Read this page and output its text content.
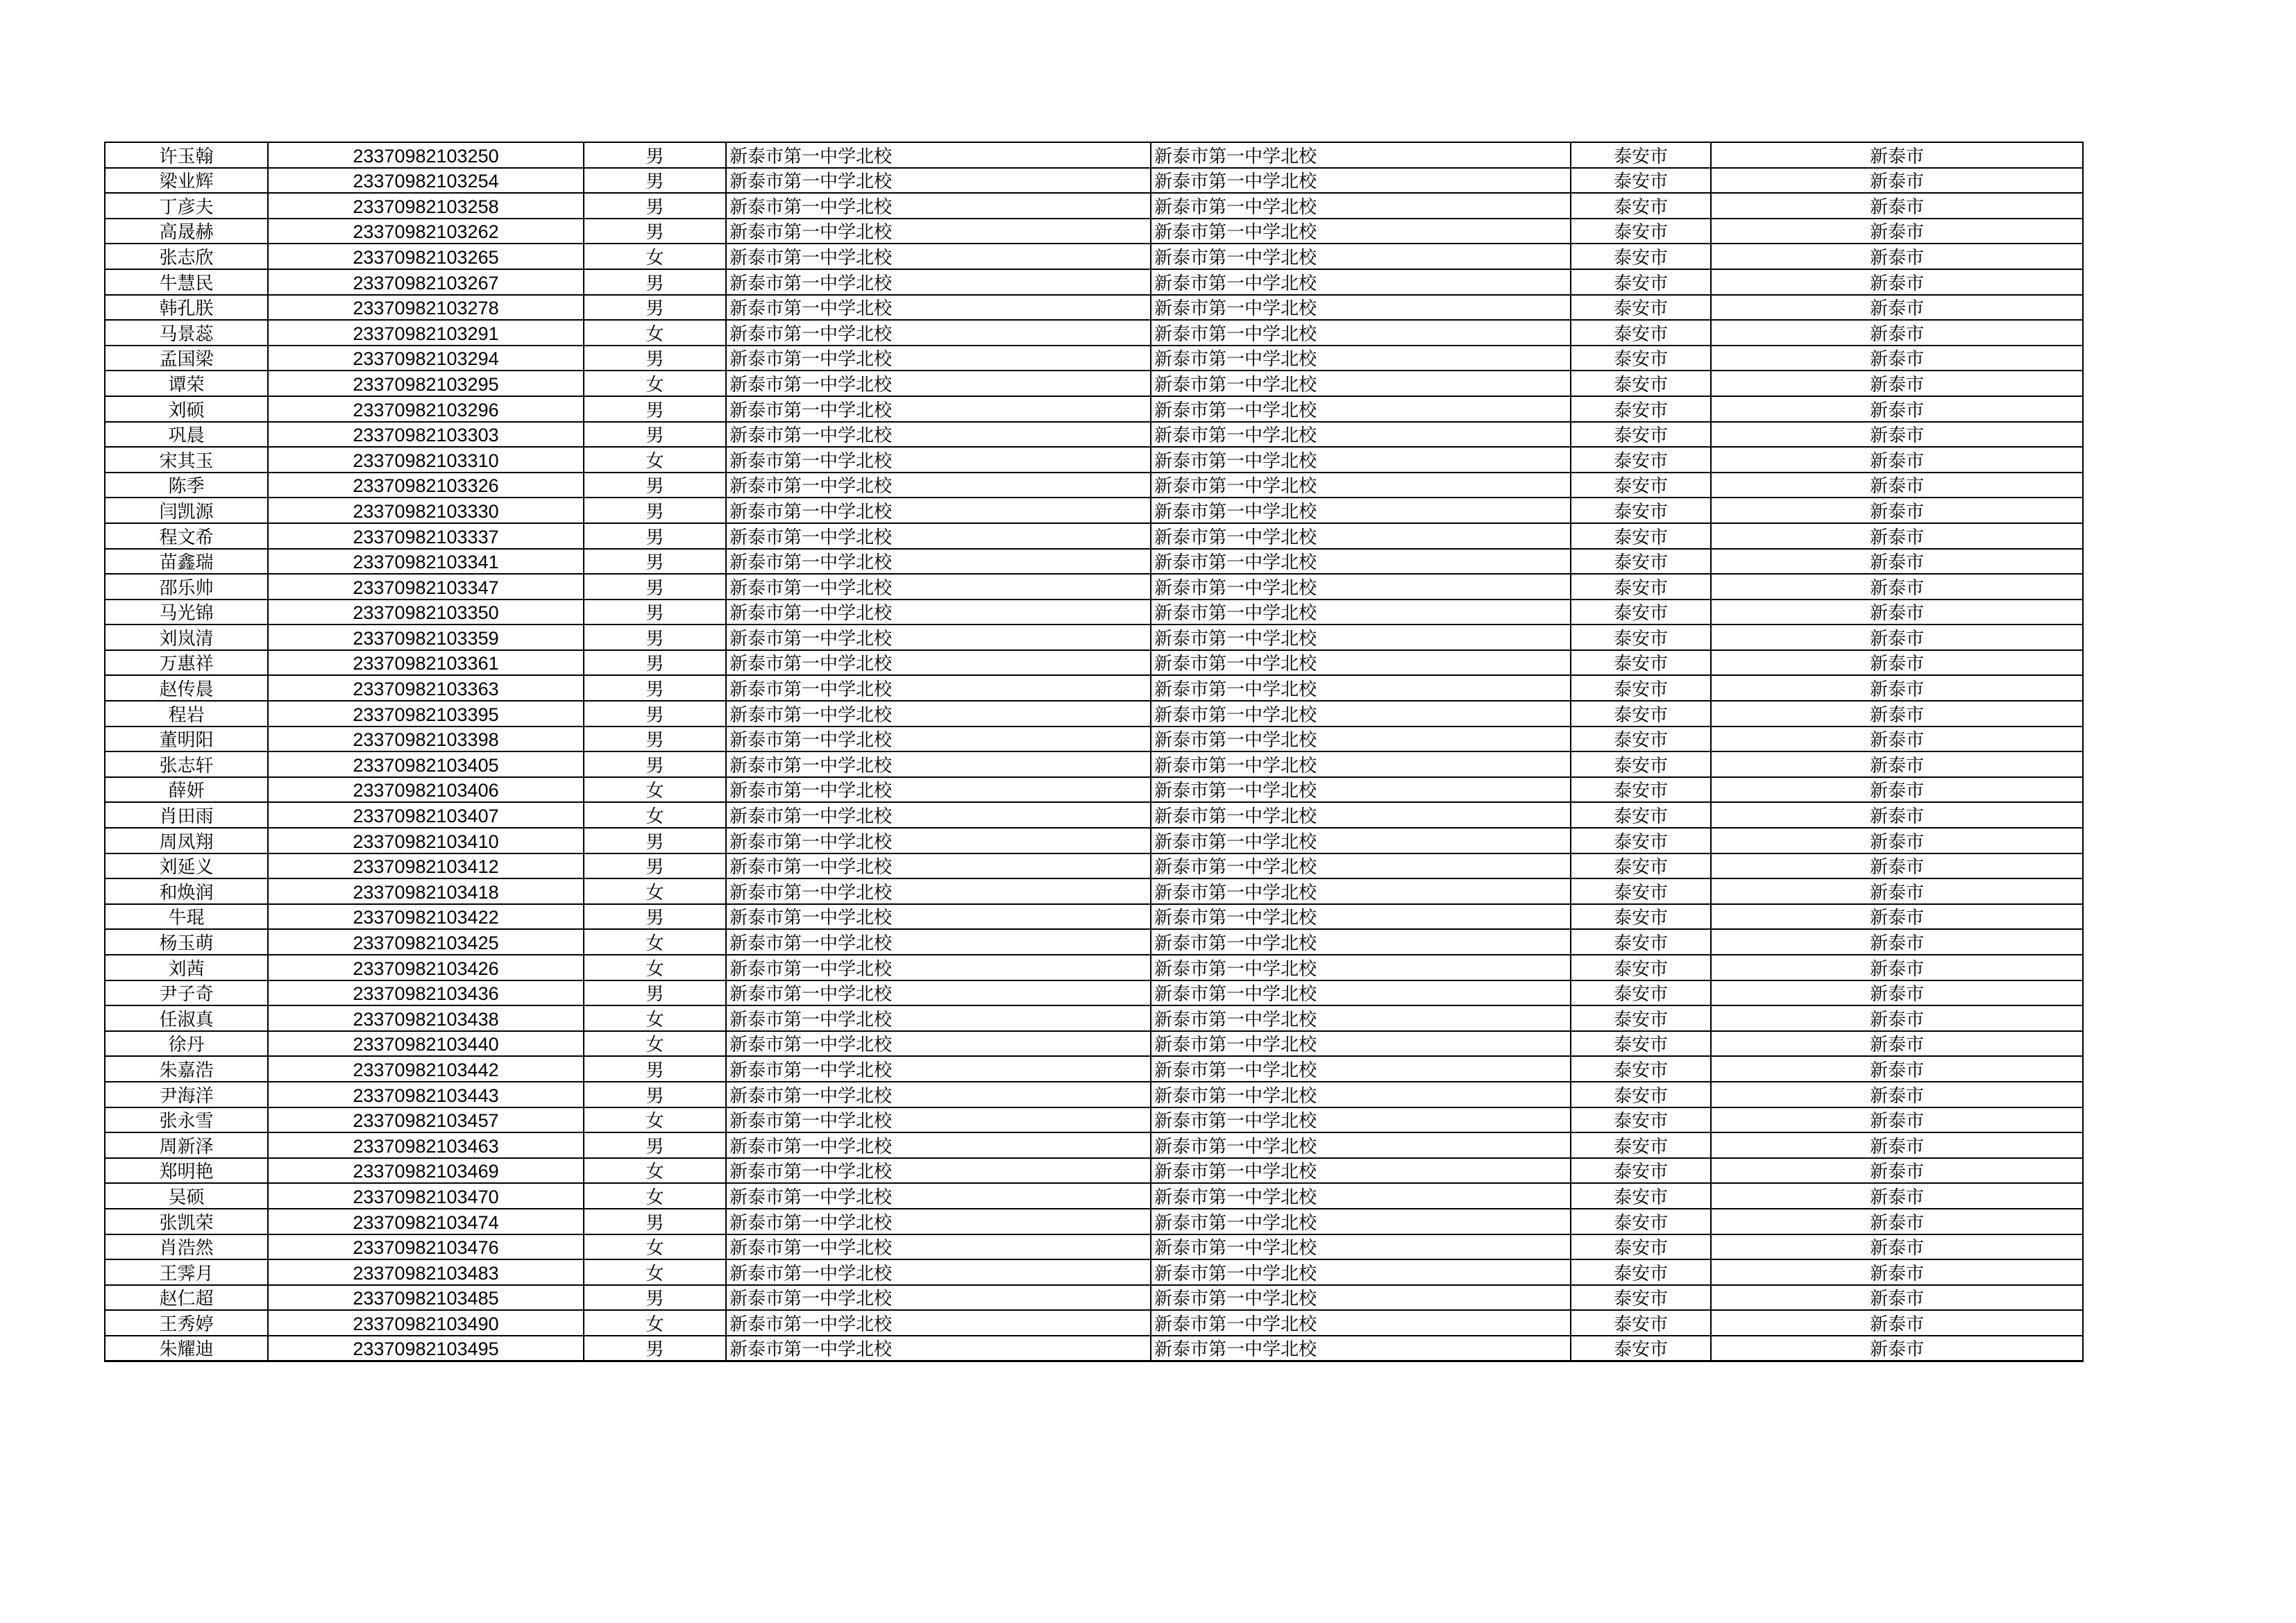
许玉翰	23370982103250	男	新泰市第一中学北校	新泰市第一中学北校	泰安市	新泰市
梁业辉	23370982103254	男	新泰市第一中学北校	新泰市第一中学北校	泰安市	新泰市
丁彦夫	23370982103258	男	新泰市第一中学北校	新泰市第一中学北校	泰安市	新泰市
高晟赫	23370982103262	男	新泰市第一中学北校	新泰市第一中学北校	泰安市	新泰市
张志欣	23370982103265	女	新泰市第一中学北校	新泰市第一中学北校	泰安市	新泰市
牛慧民	23370982103267	男	新泰市第一中学北校	新泰市第一中学北校	泰安市	新泰市
韩孔朕	23370982103278	男	新泰市第一中学北校	新泰市第一中学北校	泰安市	新泰市
马景蕊	23370982103291	女	新泰市第一中学北校	新泰市第一中学北校	泰安市	新泰市
孟国梁	23370982103294	男	新泰市第一中学北校	新泰市第一中学北校	泰安市	新泰市
谭荣	23370982103295	女	新泰市第一中学北校	新泰市第一中学北校	泰安市	新泰市
刘硕	23370982103296	男	新泰市第一中学北校	新泰市第一中学北校	泰安市	新泰市
巩晨	23370982103303	男	新泰市第一中学北校	新泰市第一中学北校	泰安市	新泰市
宋其玉	23370982103310	女	新泰市第一中学北校	新泰市第一中学北校	泰安市	新泰市
陈季	23370982103326	男	新泰市第一中学北校	新泰市第一中学北校	泰安市	新泰市
闫凯源	23370982103330	男	新泰市第一中学北校	新泰市第一中学北校	泰安市	新泰市
程文希	23370982103337	男	新泰市第一中学北校	新泰市第一中学北校	泰安市	新泰市
苗鑫瑞	23370982103341	男	新泰市第一中学北校	新泰市第一中学北校	泰安市	新泰市
邵乐帅	23370982103347	男	新泰市第一中学北校	新泰市第一中学北校	泰安市	新泰市
马光锦	23370982103350	男	新泰市第一中学北校	新泰市第一中学北校	泰安市	新泰市
刘岚清	23370982103359	男	新泰市第一中学北校	新泰市第一中学北校	泰安市	新泰市
万惠祥	23370982103361	男	新泰市第一中学北校	新泰市第一中学北校	泰安市	新泰市
赵传晨	23370982103363	男	新泰市第一中学北校	新泰市第一中学北校	泰安市	新泰市
程岩	23370982103395	男	新泰市第一中学北校	新泰市第一中学北校	泰安市	新泰市
董明阳	23370982103398	男	新泰市第一中学北校	新泰市第一中学北校	泰安市	新泰市
张志轩	23370982103405	男	新泰市第一中学北校	新泰市第一中学北校	泰安市	新泰市
薛妍	23370982103406	女	新泰市第一中学北校	新泰市第一中学北校	泰安市	新泰市
肖田雨	23370982103407	女	新泰市第一中学北校	新泰市第一中学北校	泰安市	新泰市
周凤翔	23370982103410	男	新泰市第一中学北校	新泰市第一中学北校	泰安市	新泰市
刘延义	23370982103412	男	新泰市第一中学北校	新泰市第一中学北校	泰安市	新泰市
和焕润	23370982103418	女	新泰市第一中学北校	新泰市第一中学北校	泰安市	新泰市
牛琨	23370982103422	男	新泰市第一中学北校	新泰市第一中学北校	泰安市	新泰市
杨玉萌	23370982103425	女	新泰市第一中学北校	新泰市第一中学北校	泰安市	新泰市
刘茜	23370982103426	女	新泰市第一中学北校	新泰市第一中学北校	泰安市	新泰市
尹子奇	23370982103436	男	新泰市第一中学北校	新泰市第一中学北校	泰安市	新泰市
任淑真	23370982103438	女	新泰市第一中学北校	新泰市第一中学北校	泰安市	新泰市
徐丹	23370982103440	女	新泰市第一中学北校	新泰市第一中学北校	泰安市	新泰市
朱嘉浩	23370982103442	男	新泰市第一中学北校	新泰市第一中学北校	泰安市	新泰市
尹海洋	23370982103443	男	新泰市第一中学北校	新泰市第一中学北校	泰安市	新泰市
张永雪	23370982103457	女	新泰市第一中学北校	新泰市第一中学北校	泰安市	新泰市
周新泽	23370982103463	男	新泰市第一中学北校	新泰市第一中学北校	泰安市	新泰市
郑明艳	23370982103469	女	新泰市第一中学北校	新泰市第一中学北校	泰安市	新泰市
吴硕	23370982103470	女	新泰市第一中学北校	新泰市第一中学北校	泰安市	新泰市
张凯荣	23370982103474	男	新泰市第一中学北校	新泰市第一中学北校	泰安市	新泰市
肖浩然	23370982103476	女	新泰市第一中学北校	新泰市第一中学北校	泰安市	新泰市
王霁月	23370982103483	女	新泰市第一中学北校	新泰市第一中学北校	泰安市	新泰市
赵仁超	23370982103485	男	新泰市第一中学北校	新泰市第一中学北校	泰安市	新泰市
王秀婷	23370982103490	女	新泰市第一中学北校	新泰市第一中学北校	泰安市	新泰市
朱耀迪	23370982103495	男	新泰市第一中学北校	新泰市第一中学北校	泰安市	新泰市
